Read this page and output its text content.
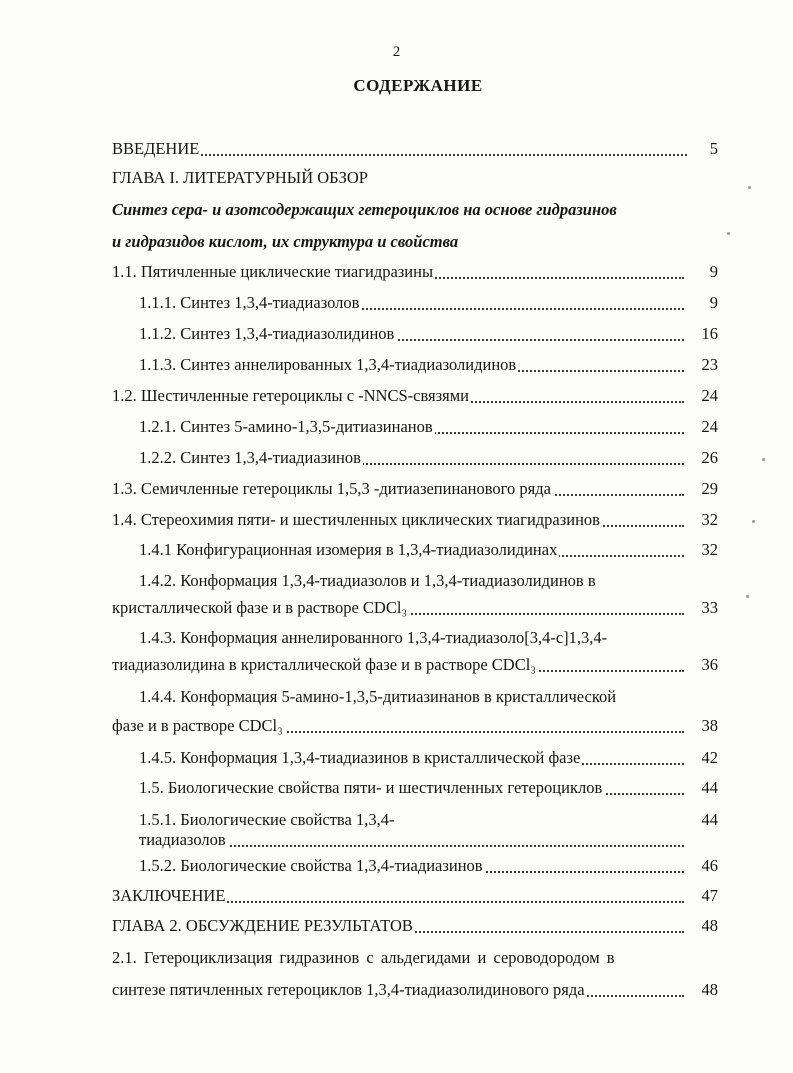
2
СОДЕРЖАНИЕ
ВВЕДЕНИЕ	5
ГЛАВА I. ЛИТЕРАТУРНЫЙ ОБЗОР
Синтез сера- и азотсодержащих гетероциклов на основе гидразинов
и гидразидов кислот, их структура и свойства
1.1. Пятичленные циклические тиагидразины	9
1.1.1. Синтез 1,3,4-тиадиазолов	9
1.1.2. Синтез 1,3,4-тиадиазолидинов	16
1.1.3. Синтез аннелированных 1,3,4-тиадиазолидинов	23
1.2. Шестичленные гетероциклы с -NNCS-связями	24
1.2.1. Синтез 5-амино-1,3,5-дитиазинанов	24
1.2.2. Синтез 1,3,4-тиадиазинов	26
1.3. Семичленные гетероциклы 1,5,3 -дитиазепинанового ряда	29
1.4. Стереохимия пяти- и шестичленных циклических тиагидразинов	32
1.4.1 Конфигурационная изомерия в 1,3,4-тиадиазолидинах	32
1.4.2. Конформация 1,3,4-тиадиазолов и 1,3,4-тиадиазолидинов в
кристаллической фазе и в растворе CDCl₃	33
1.4.3. Конформация аннелированного 1,3,4-тиадиазоло[3,4-c]1,3,4-
тиадиазолидина в кристаллической фазе и в растворе CDCl₃	36
1.4.4. Конформация 5-амино-1,3,5-дитиазинанов в кристаллической
фазе и в растворе CDCl₃	38
1.4.5. Конформация 1,3,4-тиадиазинов в кристаллической фазе	42
1.5. Биологические свойства пяти- и шестичленных гетероциклов	44
1.5.1. Биологические свойства 1,3,4-	44
тиадиазолов
1.5.2. Биологические свойства 1,3,4-тиадиазинов	46
ЗАКЛЮЧЕНИЕ	47
ГЛАВА 2. ОБСУЖДЕНИЕ РЕЗУЛЬТАТОВ	48
2.1. Гетероциклизация гидразинов с альдегидами и сероводородом в
синтезе пятичленных гетероциклов 1,3,4-тиадиазолидинового ряда	48
